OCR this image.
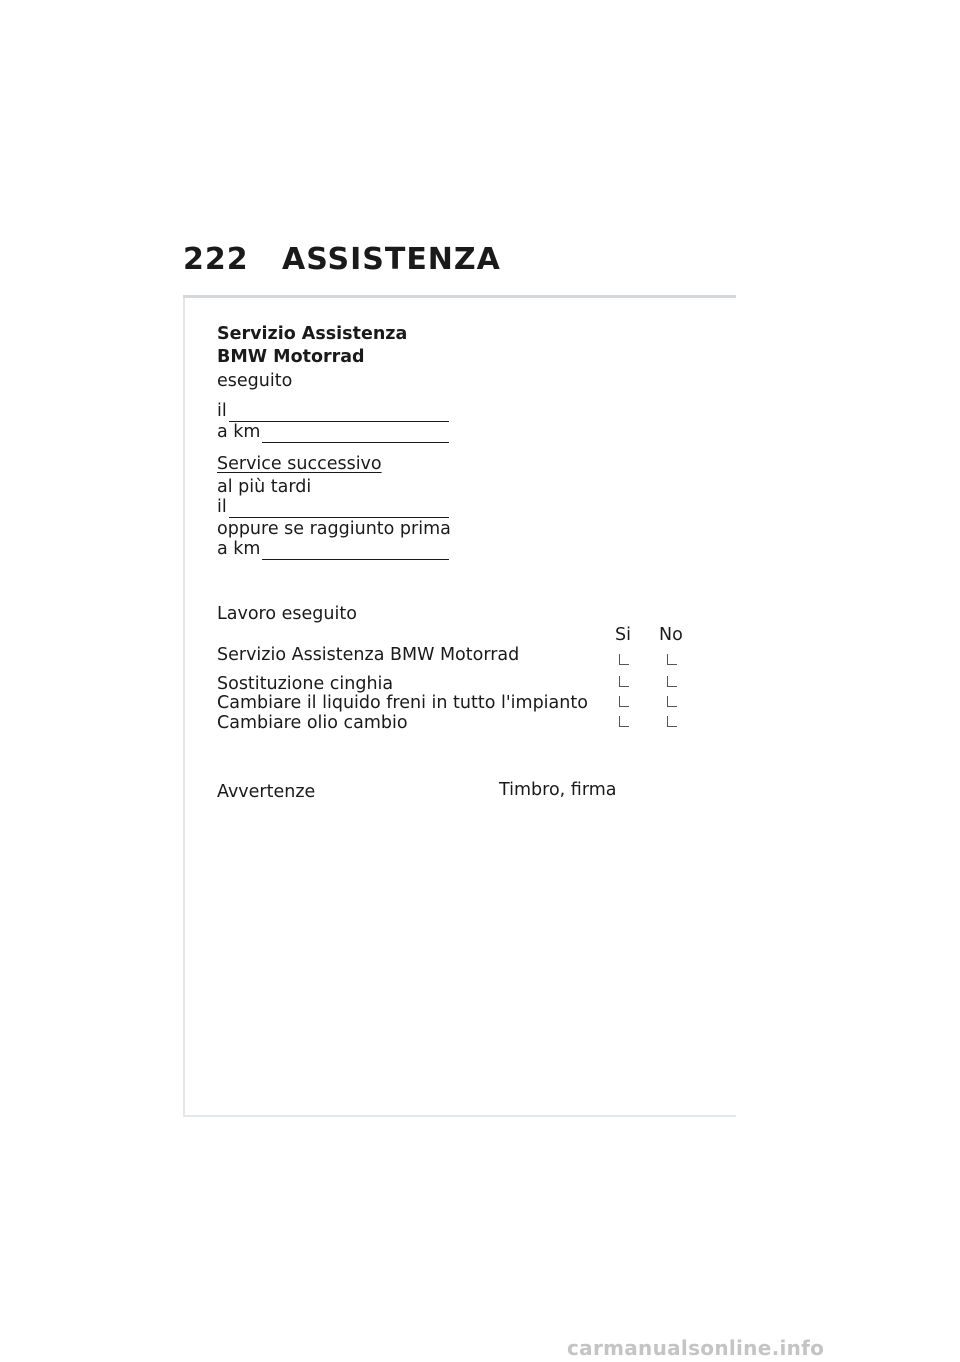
222 ASSISTENZA
Servizio Assistenza
BMW Motorrad
eseguito
il
a km
Service successivo
al più tardi
il
oppure se raggiunto prima
a km
Lavoro eseguito
Si No
Servizio Assistenza BMW Motorrad
Sostituzione cinghia
Cambiare il liquido freni in tutto l'impianto
Cambiare olio cambio
Avvertenze	Timbro, firma
carmanualsonline.info
